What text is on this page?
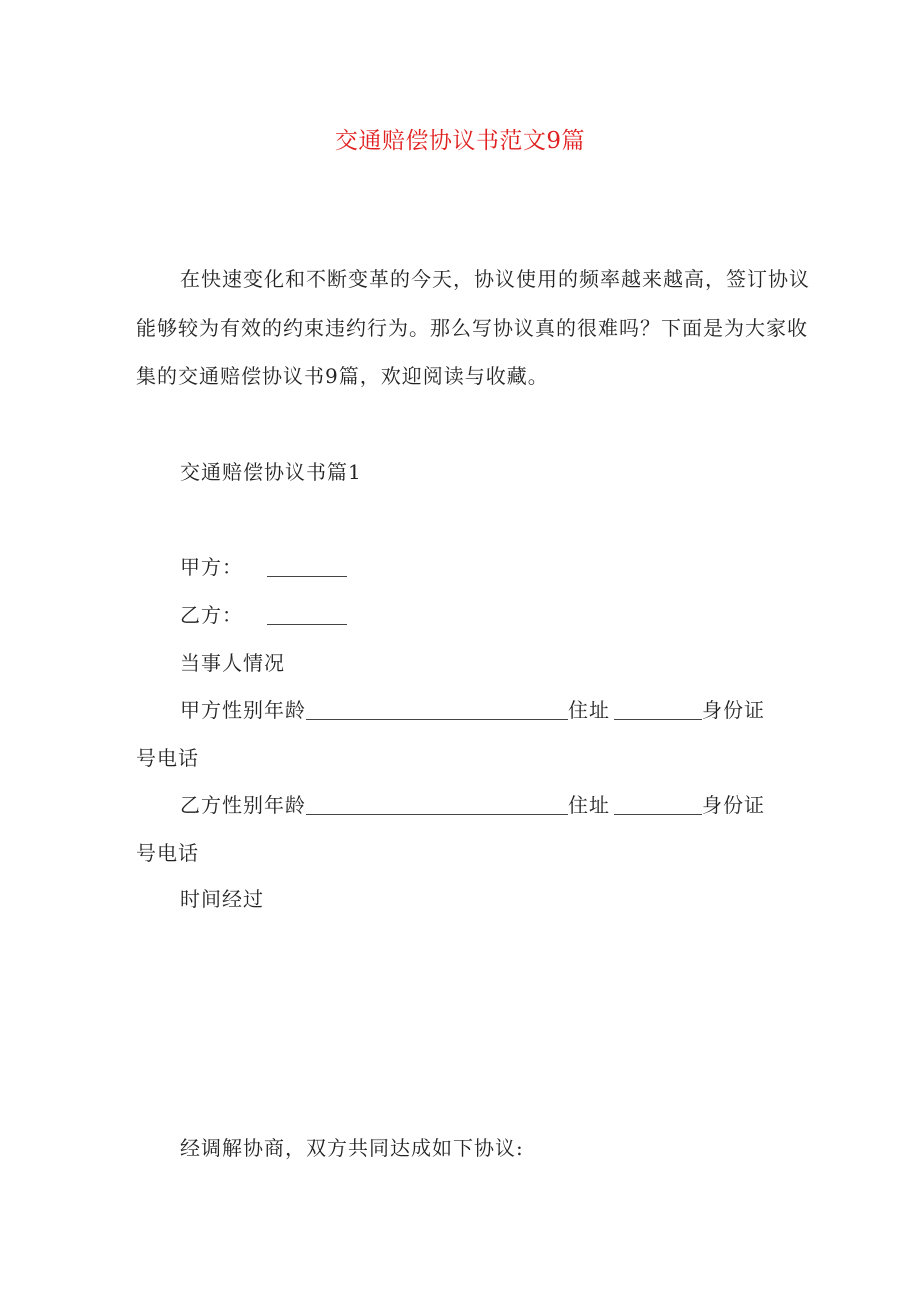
交通赔偿协议书范文9篇
在快速变化和不断变革的今天，协议使用的频率越来越高，签订协议
能够较为有效的约束违约行为。那么写协议真的很难吗？下面是为大家收
集的交通赔偿协议书9篇，欢迎阅读与收藏。
交通赔偿协议书篇1
甲方：
乙方：
当事人情况
甲方性别年龄	住址	身份证
号电话
乙方性别年龄	住址	身份证
号电话
时间经过
经调解协商，双方共同达成如下协议:
